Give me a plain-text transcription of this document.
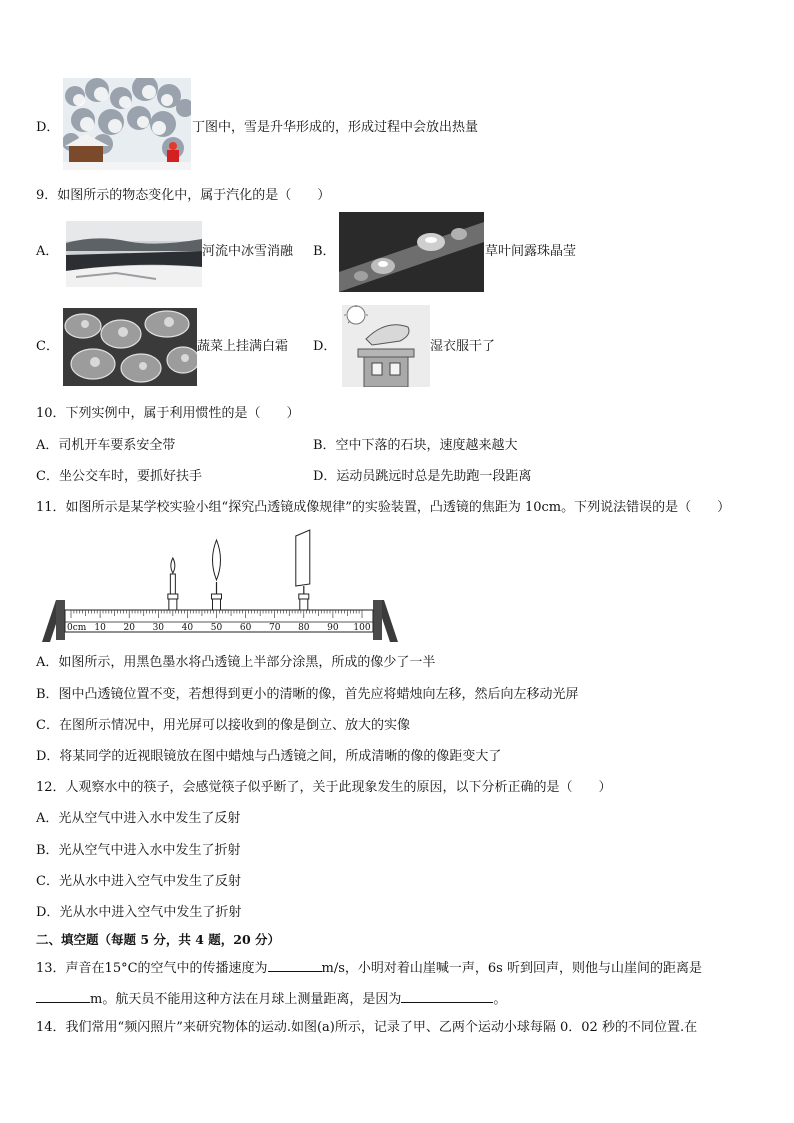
D．	丁图中，雪是升华形成的，形成过程中会放出热量
9．如图所示的物态变化中，属于汽化的是（　　）
A．	河流中冰雪消融 B．	草叶间露珠晶莹
C．	蔬菜上挂满白霜 D．	湿衣服干了
10．下列实例中，属于利用惯性的是（　　）
A．司机开车要系安全带	B．空中下落的石块，速度越来越大
C．坐公交车时，要抓好扶手	D．运动员跳远时总是先助跑一段距离
11．如图所示是某学校实验小组“探究凸透镜成像规律”的实验装置，凸透镜的焦距为 10cm。下列说法错误的是（　　）
0cm 10 20 30 40 50 60 70 80 90 100
A．如图所示，用黑色墨水将凸透镜上半部分涂黑，所成的像少了一半
B．图中凸透镜位置不变，若想得到更小的清晰的像，首先应将蜡烛向左移，然后向左移动光屏
C．在图所示情况中，用光屏可以接收到的像是倒立、放大的实像
D．将某同学的近视眼镜放在图中蜡烛与凸透镜之间，所成清晰的像的像距变大了
12．人观察水中的筷子，会感觉筷子似乎断了，关于此现象发生的原因，以下分析正确的是（　　）
A．光从空气中进入水中发生了反射
B．光从空气中进入水中发生了折射
C．光从水中进入空气中发生了反射
D．光从水中进入空气中发生了折射
二、填空题（每题 5 分，共 4 题，20 分）
13．声音在15°C的空气中的传播速度为	m/s，小明对着山崖喊一声，6s 听到回声，则他与山崖间的距离是
m。航天员不能用这种方法在月球上测量距离，是因为	。
14．我们常用“频闪照片”来研究物体的运动.如图(a)所示，记录了甲、乙两个运动小球每隔 0．02 秒的不同位置.在
